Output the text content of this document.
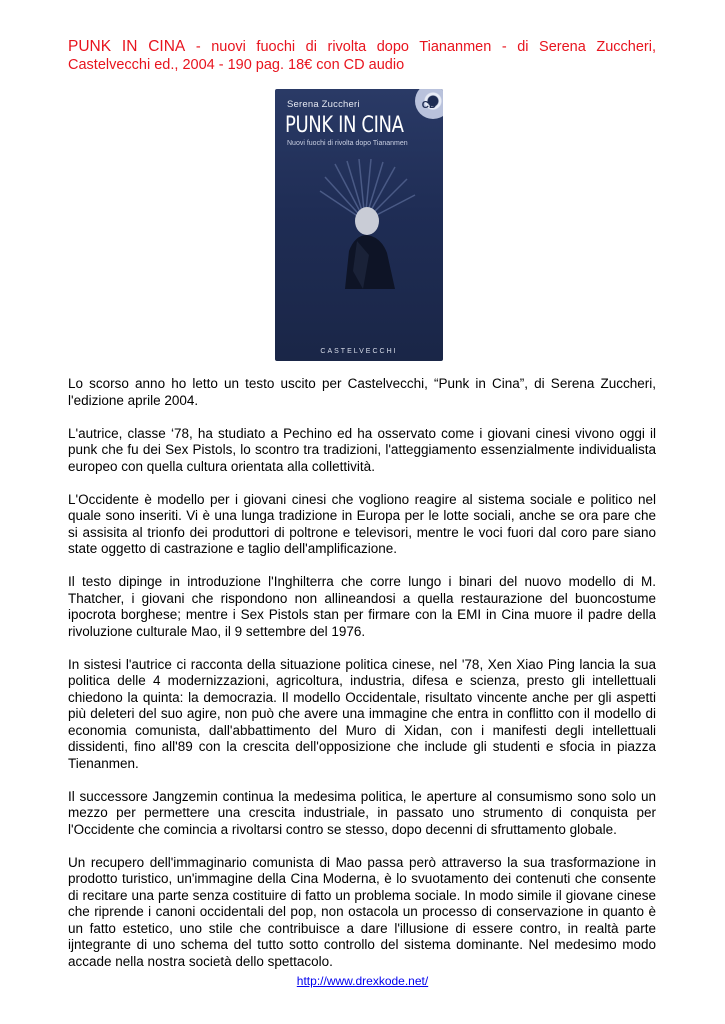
PUNK IN CINA - nuovi fuochi di rivolta dopo Tiananmen - di Serena Zuccheri, Castelvecchi ed., 2004 - 190 pag. 18€ con CD audio

Serena Zuccheri
PUNK IN CINA
Nuovi fuochi di rivolta dopo Tiananmen
CD
CASTELVECCHI

Lo scorso anno ho letto un testo uscito per Castelvecchi, “Punk in Cina”, di Serena Zuccheri, l'edizione aprile 2004.

L'autrice, classe ‘78, ha studiato a Pechino ed ha osservato come i giovani cinesi vivono oggi il punk che fu dei Sex Pistols, lo scontro tra tradizioni, l'atteggiamento essenzialmente individualista europeo con quella cultura orientata alla collettività.

L'Occidente è modello per i giovani cinesi che vogliono reagire al sistema sociale e politico nel quale sono inseriti. Vi è una lunga tradizione in Europa per le lotte sociali, anche se ora pare che si assisita al trionfo dei produttori di poltrone e televisori, mentre le voci fuori dal coro pare siano state oggetto di castrazione e taglio dell'amplificazione.

Il testo dipinge in introduzione l'Inghilterra che corre lungo i binari del nuovo modello di M. Thatcher, i giovani che rispondono non allineandosi a quella restaurazione del buoncostume ipocrota borghese; mentre i Sex Pistols stan per firmare con la EMI in Cina muore il padre della rivoluzione culturale Mao, il 9 settembre del 1976.

In sistesi l'autrice ci racconta della situazione politica cinese, nel '78, Xen Xiao Ping lancia la sua politica delle 4 modernizzazioni, agricoltura, industria, difesa e scienza, presto gli intellettuali chiedono la quinta: la democrazia. Il modello Occidentale, risultato vincente anche per gli aspetti più deleteri del suo agire, non può che avere una immagine che entra in conflitto con il modello di economia comunista, dall'abbattimento del Muro di Xidan, con i manifesti degli intellettuali dissidenti, fino all'89 con la crescita dell'opposizione che include gli studenti e sfocia in piazza Tienanmen.

Il successore Jangzemin continua la medesima politica, le aperture al consumismo sono solo un mezzo per permettere una crescita industriale, in passato uno strumento di conquista per l'Occidente che comincia a rivoltarsi contro se stesso, dopo decenni di sfruttamento globale.

Un recupero dell'immaginario comunista di Mao passa però attraverso la sua trasformazione in prodotto turistico, un'immagine della Cina Moderna, è lo svuotamento dei contenuti che consente di recitare una parte senza costituire di fatto un problema sociale. In modo simile il giovane cinese che riprende i canoni occidentali del pop, non ostacola un processo di conservazione in quanto è un fatto estetico, uno stile che contribuisce a dare l'illusione di essere contro, in realtà parte ijntegrante di uno schema del tutto sotto controllo del sistema dominante. Nel medesimo modo accade nella nostra società dello spettacolo.

http://www.drexkode.net/
